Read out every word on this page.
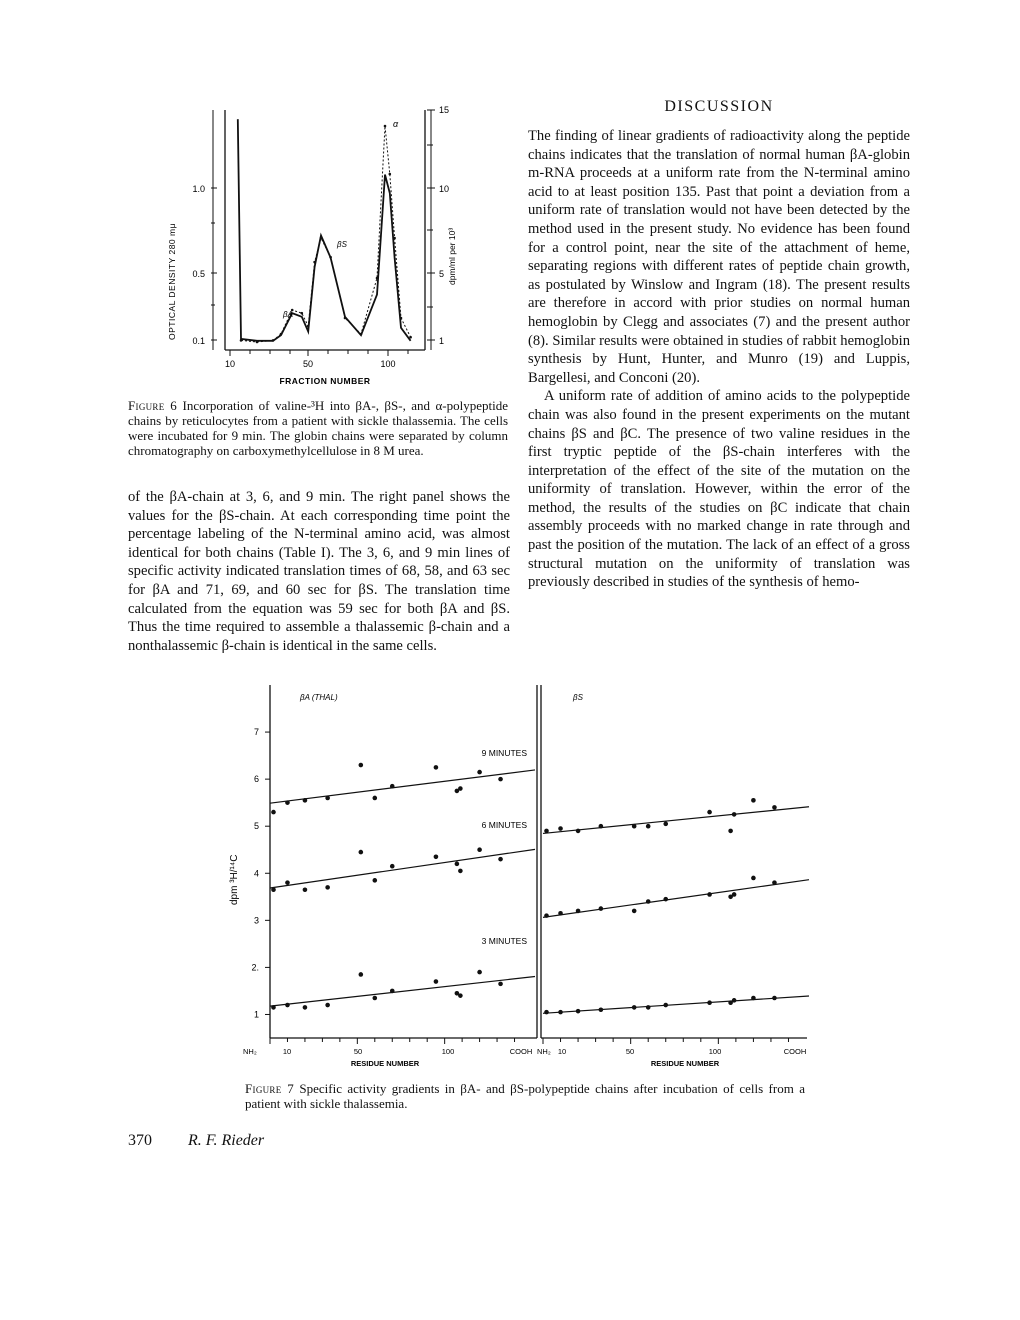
1.0
0.5
0.1
15
10
5
1
OPTICAL DENSITY 280 mμ	dpm/ml per 10³
10	50	100
FRACTION NUMBER
α
βS
βA
Figure 6 Incorporation of valine-³H into βA-, βS-, and α-polypeptide chains by reticulocytes from a patient with sickle thalassemia. The cells were incubated for 9 min. The globin chains were separated by column chromatography on carboxymethylcellulose in 8 M urea.

of the βA-chain at 3, 6, and 9 min. The right panel shows the values for the βS-chain. At each corresponding time point the percentage labeling of the N-terminal amino acid, was almost identical for both chains (Table I). The 3, 6, and 9 min lines of specific activity indicated translation times of 68, 58, and 63 sec for βA and 71, 69, and 60 sec for βS. The translation time calculated from the equation was 59 sec for both βA and βS. Thus the time required to assemble a thalassemic β-chain and a nonthalassemic β-chain is identical in the same cells.

DISCUSSION

The finding of linear gradients of radioactivity along the peptide chains indicates that the translation of normal human βA-globin m-RNA proceeds at a uniform rate from the N-terminal amino acid to at least position 135. Past that point a deviation from a uniform rate of translation would not have been detected by the method used in the present study. No evidence has been found for a control point, near the site of the attachment of heme, separating regions with different rates of peptide chain growth, as postulated by Winslow and Ingram (18). The present results are therefore in accord with prior studies on normal human hemoglobin by Clegg and associates (7) and the present author (8). Similar results were obtained in studies of rabbit hemoglobin synthesis by Hunt, Hunter, and Munro (19) and Luppis, Bargellesi, and Conconi (20).

A uniform rate of addition of amino acids to the polypeptide chain was also found in the present experiments on the mutant chains βS and βC. The presence of two valine residues in the first tryptic peptide of the βS-chain interferes with the interpretation of the effect of the site of the mutation on the uniformity of translation. However, within the error of the method, the results of the studies on βC indicate that chain assembly proceeds with no marked change in rate through and past the position of the mutation. The lack of an effect of a gross structural mutation on the uniformity of translation was previously described in studies of the synthesis of hemo-

7
6
5
4
3
2.
1
dpm ³H/¹⁴C
βA (THAL)	βS
9 MINUTES
6 MINUTES
3 MINUTES
NH₂	10	50	100	COOH NH₂ 10	50	100	COOH
RESIDUE NUMBER	RESIDUE NUMBER
Figure 7 Specific activity gradients in βA- and βS-polypeptide chains after incubation of cells from a patient with sickle thalassemia.
370 R. F. Rieder
